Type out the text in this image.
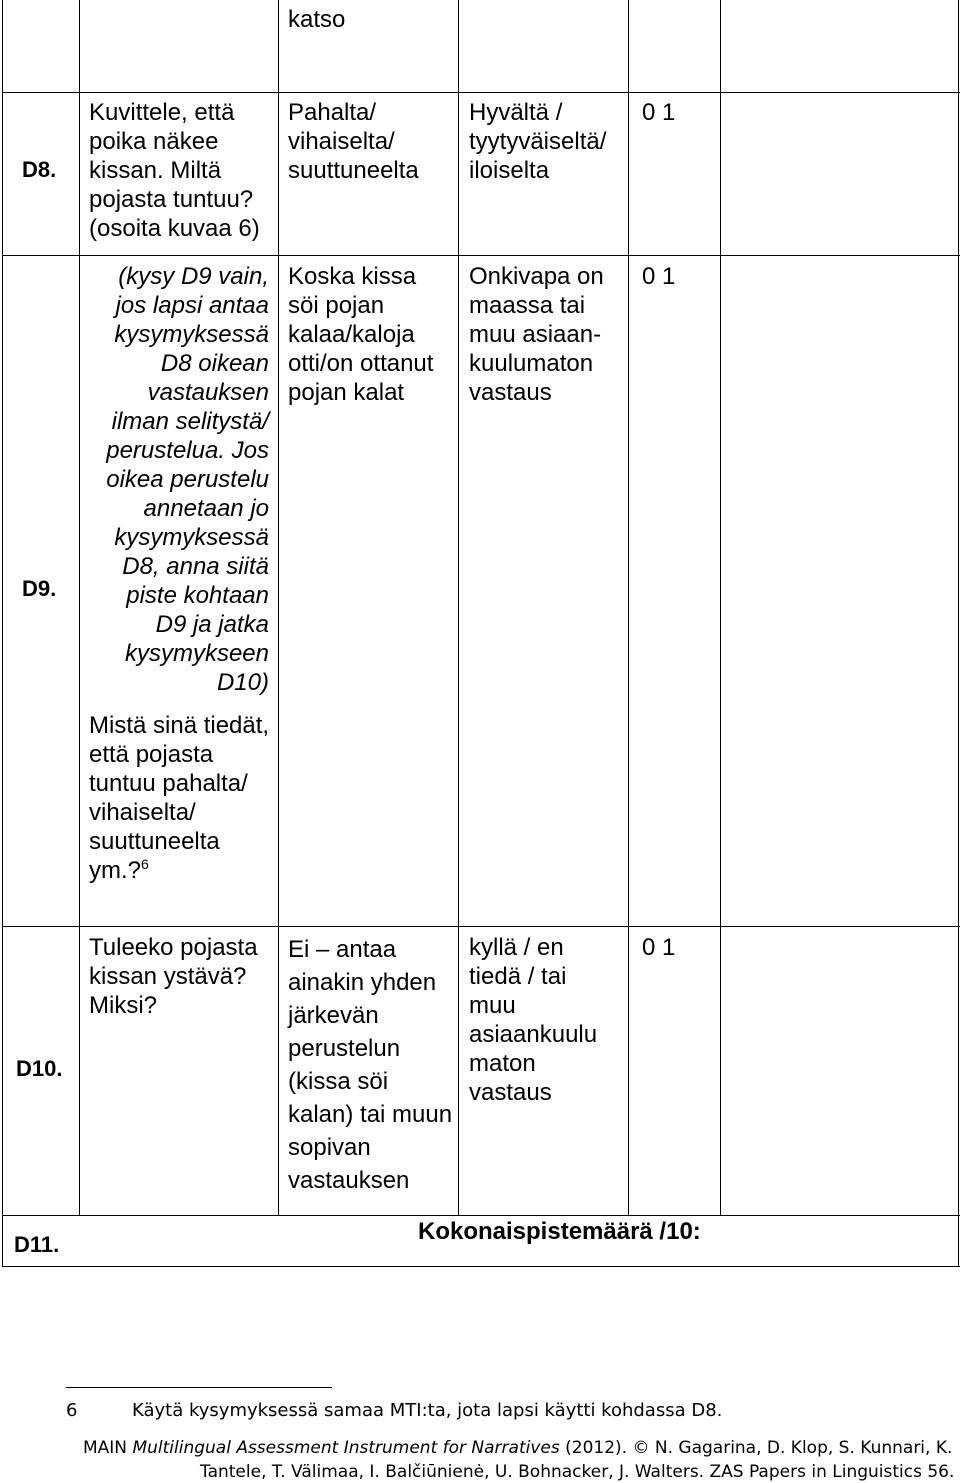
katso
D8.
Kuvittele, että poika näkee kissan. Miltä pojasta tuntuu? (osoita kuvaa 6)
Pahalta/ vihaiselta/ suuttuneelta
Hyvältä / tyytyväiseltä/ iloiselta
0 1
D9.
(kysy D9 vain, jos lapsi antaa kysymyksessä D8 oikean vastauksen ilman selitystä/ perustelua. Jos oikea perustelu annetaan jo kysymyksessä D8, anna siitä piste kohtaan D9 ja jatka kysymykseen D10)
Mistä sinä tiedät, että pojasta tuntuu pahalta/ vihaiselta/ suuttuneelta ym.?$^6$
Koska kissa söi pojan kalaa/kaloja otti/on ottanut pojan kalat
Onkivapa on maassa tai muu asiaan-kuulumaton vastaus
0 1
D10.
Tuleeko pojasta kissan ystävä? Miksi?
Ei – antaa ainakin yhden järkevän perustelun (kissa söi kalan) tai muun sopivan vastauksen
kyllä / en tiedä / tai muu asiaankuulu maton vastaus
0 1
D11.	Kokonaispistemäärä /10:
6	Käytä kysymyksessä samaa MTI:ta, jota lapsi käytti kohdassa D8.
MAIN Multilingual Assessment Instrument for Narratives (2012). © N. Gagarina, D. Klop, S. Kunnari, K.
Tantele, T. Välimaa, I. Balčiūnienė, U. Bohnacker, J. Walters. ZAS Papers in Linguistics 56.
